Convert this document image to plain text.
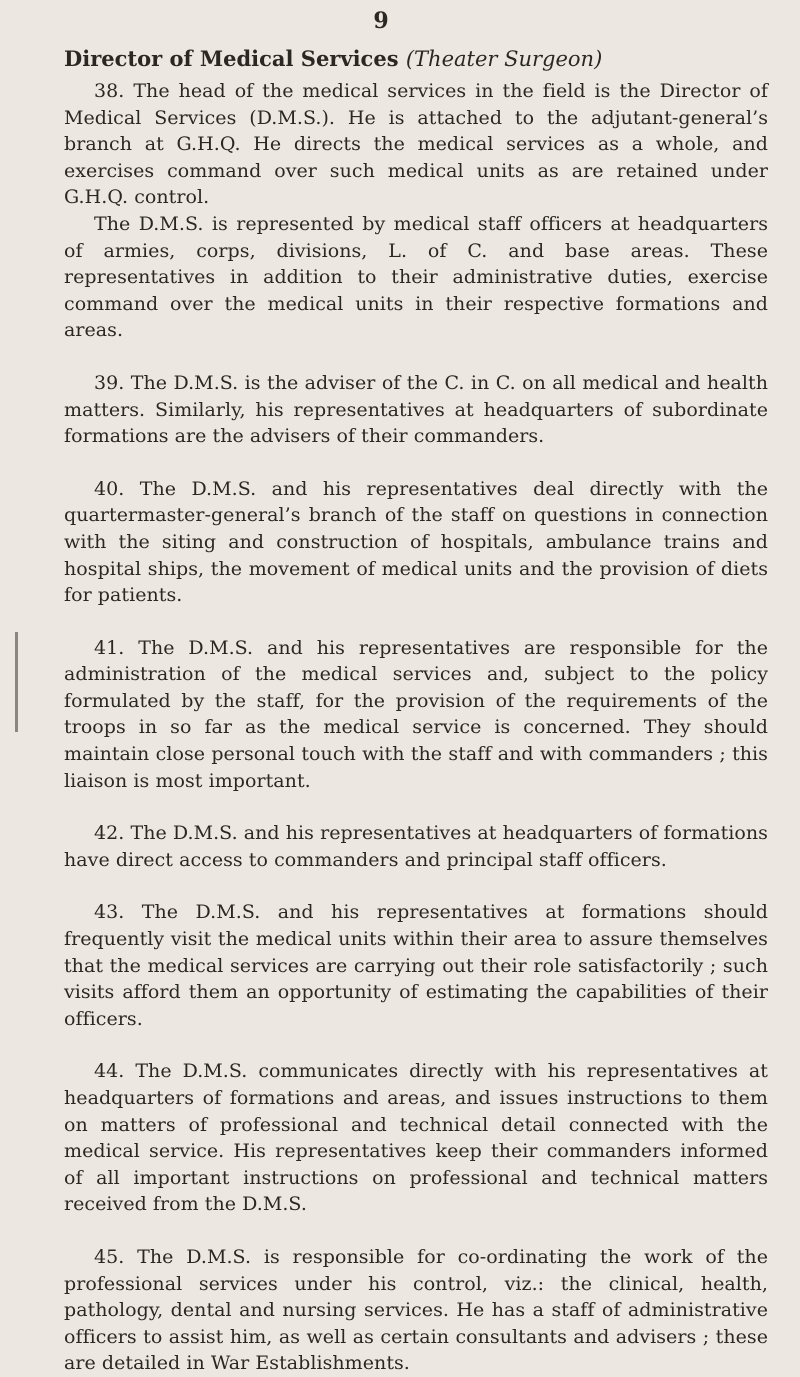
9
Director of Medical Services (Theater Surgeon)

38. The head of the medical services in the field is the Director of Medical Services (D.M.S.). He is attached to the adjutant-general’s branch at G.H.Q. He directs the medical services as a whole, and exercises command over such medical units as are retained under G.H.Q. control.

The D.M.S. is represented by medical staff officers at headquarters of armies, corps, divisions, L. of C. and base areas. These representatives in addition to their administrative duties, exercise command over the medical units in their respective formations and areas.

39. The D.M.S. is the adviser of the C. in C. on all medical and health matters. Similarly, his representatives at headquarters of subordinate formations are the advisers of their commanders.

40. The D.M.S. and his representatives deal directly with the quartermaster-general’s branch of the staff on questions in connection with the siting and construction of hospitals, ambulance trains and hospital ships, the movement of medical units and the provision of diets for patients.

41. The D.M.S. and his representatives are responsible for the administration of the medical services and, subject to the policy formulated by the staff, for the provision of the requirements of the troops in so far as the medical service is concerned. They should maintain close personal touch with the staff and with commanders ; this liaison is most important.

42. The D.M.S. and his representatives at headquarters of formations have direct access to commanders and principal staff officers.

43. The D.M.S. and his representatives at formations should frequently visit the medical units within their area to assure themselves that the medical services are carrying out their role satisfactorily ; such visits afford them an opportunity of estimating the capabilities of their officers.

44. The D.M.S. communicates directly with his representatives at headquarters of formations and areas, and issues instructions to them on matters of professional and technical detail connected with the medical service. His representatives keep their commanders informed of all important instructions on professional and technical matters received from the D.M.S.

45. The D.M.S. is responsible for co-ordinating the work of the professional services under his control, viz.: the clinical, health, pathology, dental and nursing services. He has a staff of administrative officers to assist him, as well as certain consultants and advisers ; these are detailed in War Establishments.
